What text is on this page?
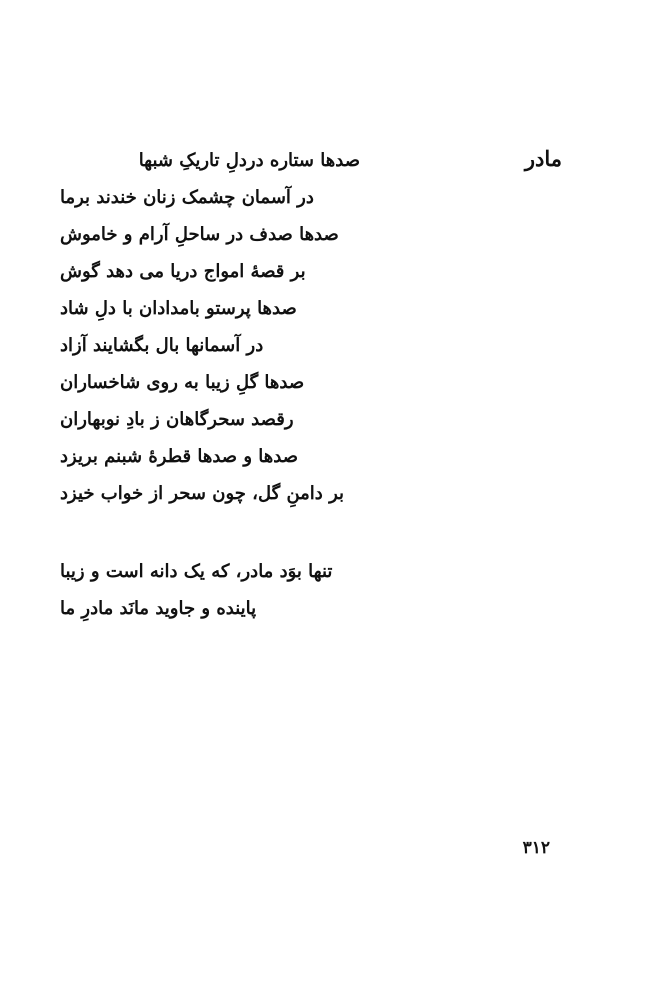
مادر
صدها ستاره دردلِ تاریکِ شبها
در آسمان چشمک زنان خندند برما
صدها صدف در ساحلِ آرام و خاموش
بر قصهٔ امواج دریا می دهد گوش
صدها پرستو بامدادان با دلِ شاد
در آسمانها بال بگشایند آزاد
صدها گلِ زیبا به روی شاخساران
رقصد سحرگاهان ز بادِ نوبهاران
صدها و صدها قطرهٔ شبنم بریزد
بر دامنِ گل، چون سحر از خواب خیزد
تنها بوَد مادر، که یک دانه است و زیبا
پاینده و جاوید مانَد مادرِ ما
۳۱۲
